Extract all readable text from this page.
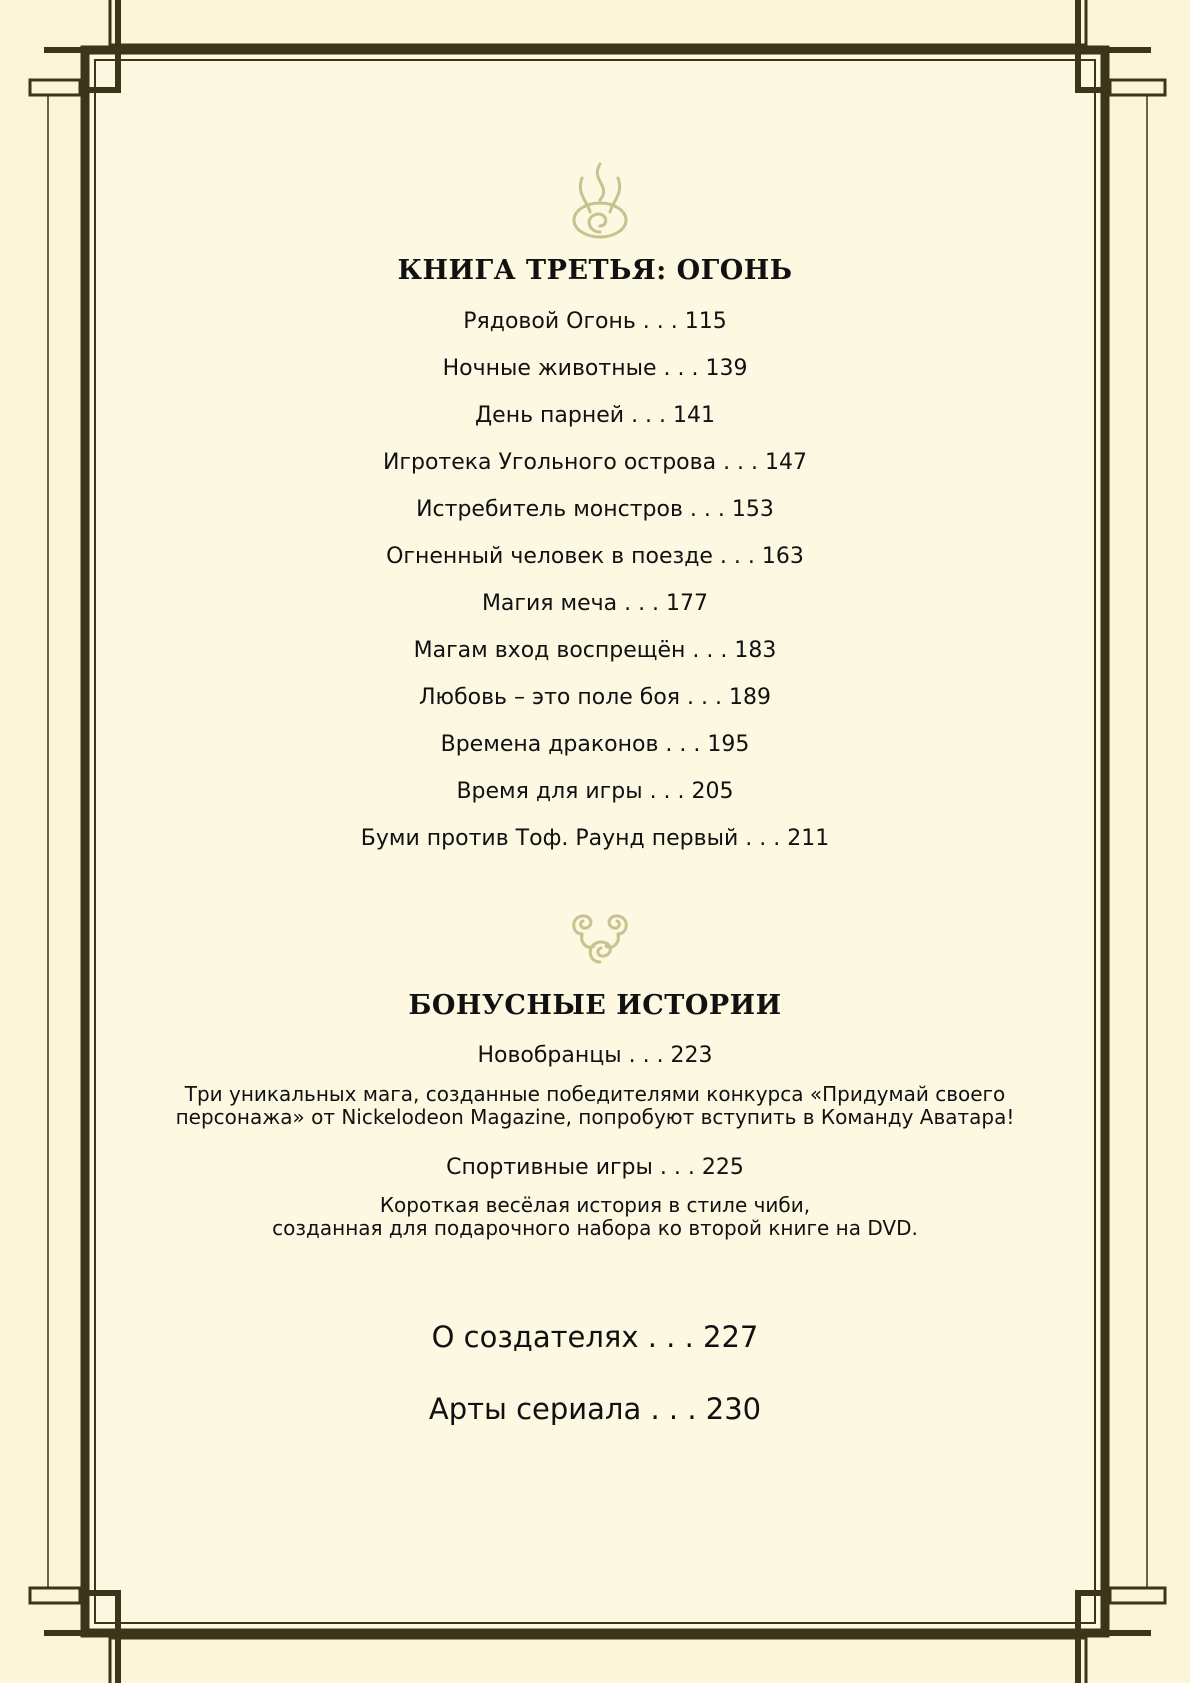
КНИГА ТРЕТЬЯ: ОГОНЬ
Рядовой Огонь . . . 115
Ночные животные . . . 139
День парней . . . 141
Игротека Угольного острова . . . 147
Истребитель монстров . . . 153
Огненный человек в поезде . . . 163
Магия меча . . . 177
Магам вход воспрещён . . . 183
Любовь – это поле боя . . . 189
Времена драконов . . . 195
Время для игры . . . 205
Буми против Тоф. Раунд первый . . . 211
БОНУСНЫЕ ИСТОРИИ
Новобранцы . . . 223
Три уникальных мага, созданные победителями конкурса «Придумай своего
персонажа» от Nickelodeon Magazine, попробуют вступить в Команду Аватара!
Спортивные игры . . . 225
Короткая весёлая история в стиле чиби,
созданная для подарочного набора ко второй книге на DVD.
О создателях . . . 227
Арты сериала . . . 230
